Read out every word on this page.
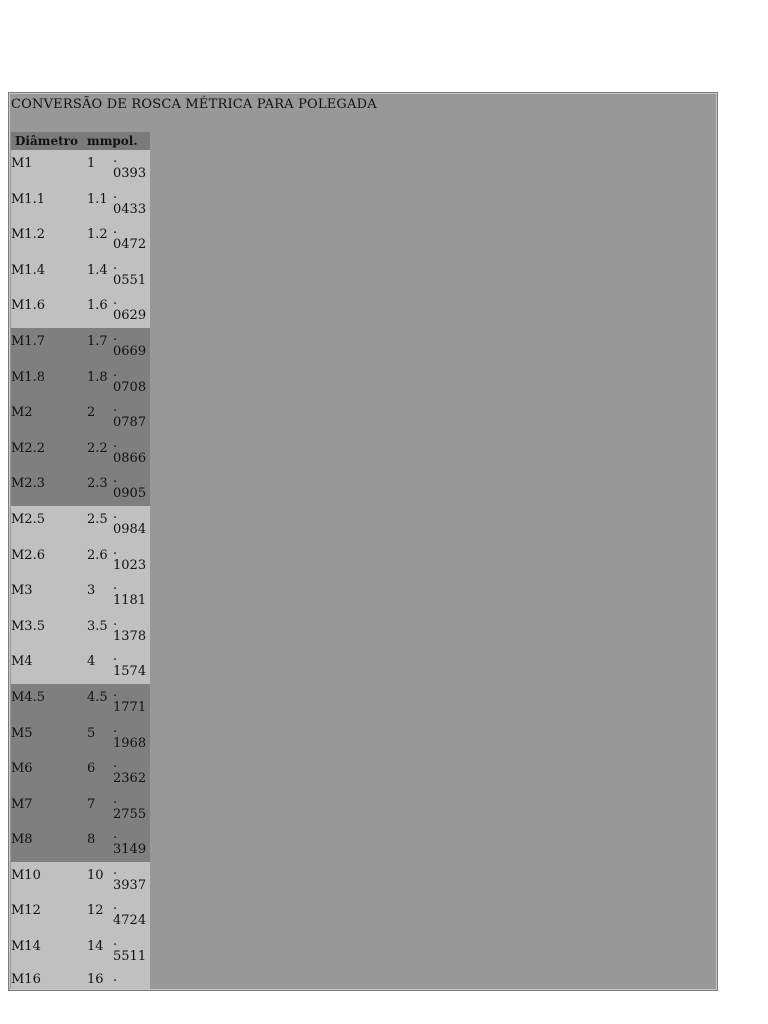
CONVERSÃO DE ROSCA MÉTRICA PARA POLEGADA
Diâmetro mmpol.
M1	1 .
0393
M1.1	1.1 .
0433
M1.2	1.2 .
0472
M1.4	1.4 .
0551
M1.6	1.6 .
0629
M1.7	1.7 .
0669
M1.8	1.8 .
0708
M2	2 .
0787
M2.2	2.2 .
0866
M2.3	2.3 .
0905
M2.5	2.5 .
0984
M2.6	2.6 .
1023
M3	3 .
1181
M3.5	3.5 .
1378
M4	4 .
1574
M4.5	4.5 .
1771
M5	5 .
1968
M6	6 .
2362
M7	7 .
2755
M8	8 .
3149
M10	10 .
3937
M12	12 .
4724
M14	14 .
5511
M16	16 .
